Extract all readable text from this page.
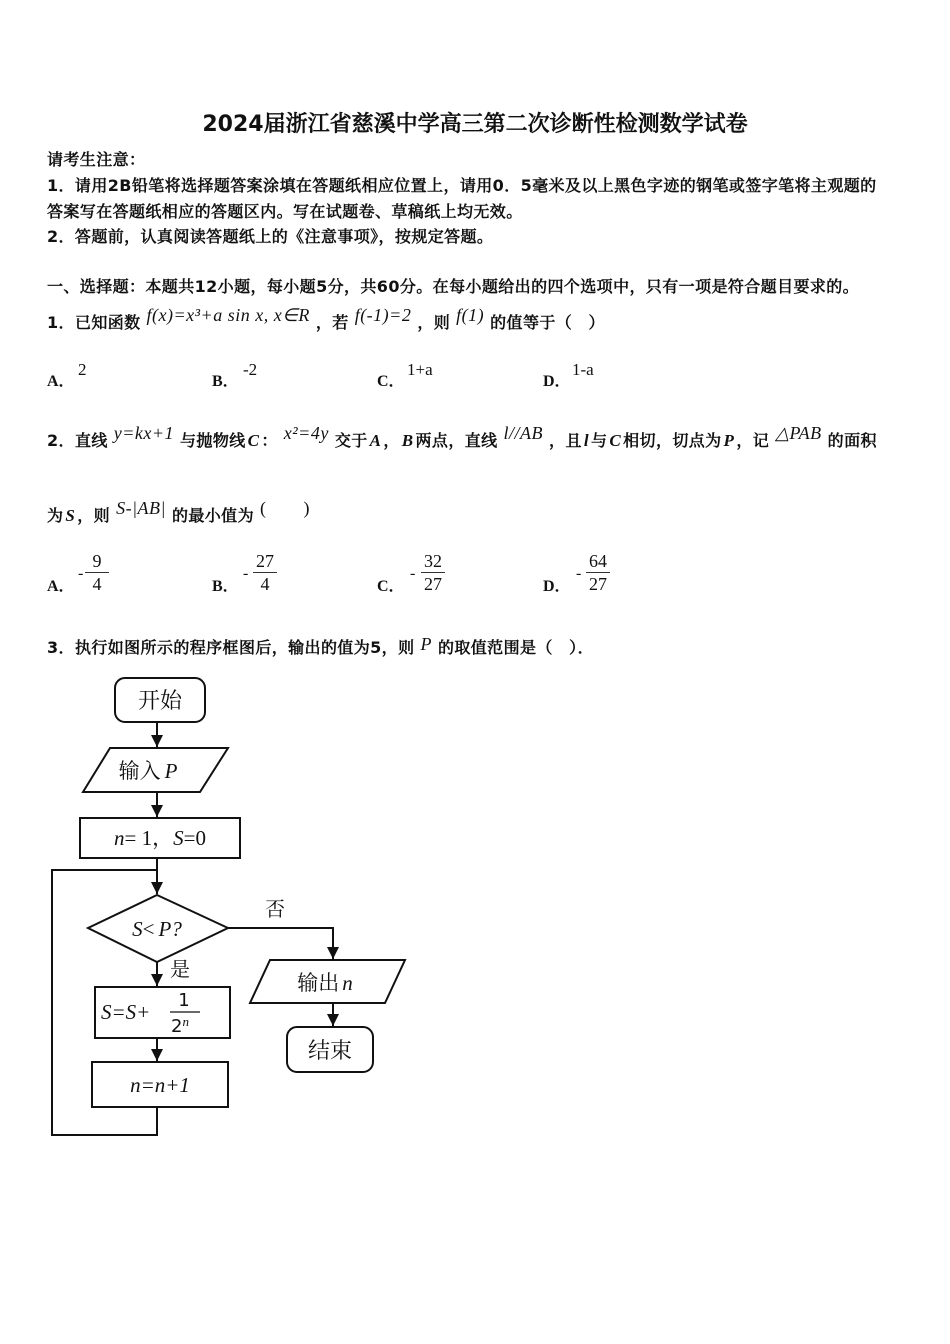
2024届浙江省慈溪中学高三第二次诊断性检测数学试卷
请考生注意：
1．请用2B铅笔将选择题答案涂填在答题纸相应位置上，请用0．5毫米及以上黑色字迹的钢笔或签字笔将主观题的
答案写在答题纸相应的答题区内。写在试题卷、草稿纸上均无效。
2．答题前，认真阅读答题纸上的《注意事项》，按规定答题。
一、选择题：本题共12小题，每小题5分，共60分。在每小题给出的四个选项中，只有一项是符合题目要求的。
1．已知函数 f(x)=x³+a sin x, x∈R ，若 f(-1)=2 ，则 f(1) 的值等于（　）
A．
2
B．
-2
C．
1+a
D．
1-a
2．直线 y=kx+1 与抛物线 C ： x²=4y 交于 A ， B 两点，直线 l//AB ，且 l 与 C 相切，切点为 P ，记 △PAB 的面积
为 S ，则 S-|AB| 的最小值为 (　　)
A．
-
9
4	B．
-
27
4	C．
-
32
27	D．
-
64
27
3．执行如图所示的程序框图后，输出的值为5，则 P 的取值范围是（　）．
开始
输入 P
n= 1，S=0
S< P?
否
输出 n
结束
是
S=S+ 1
2$^n$
n=n+1
